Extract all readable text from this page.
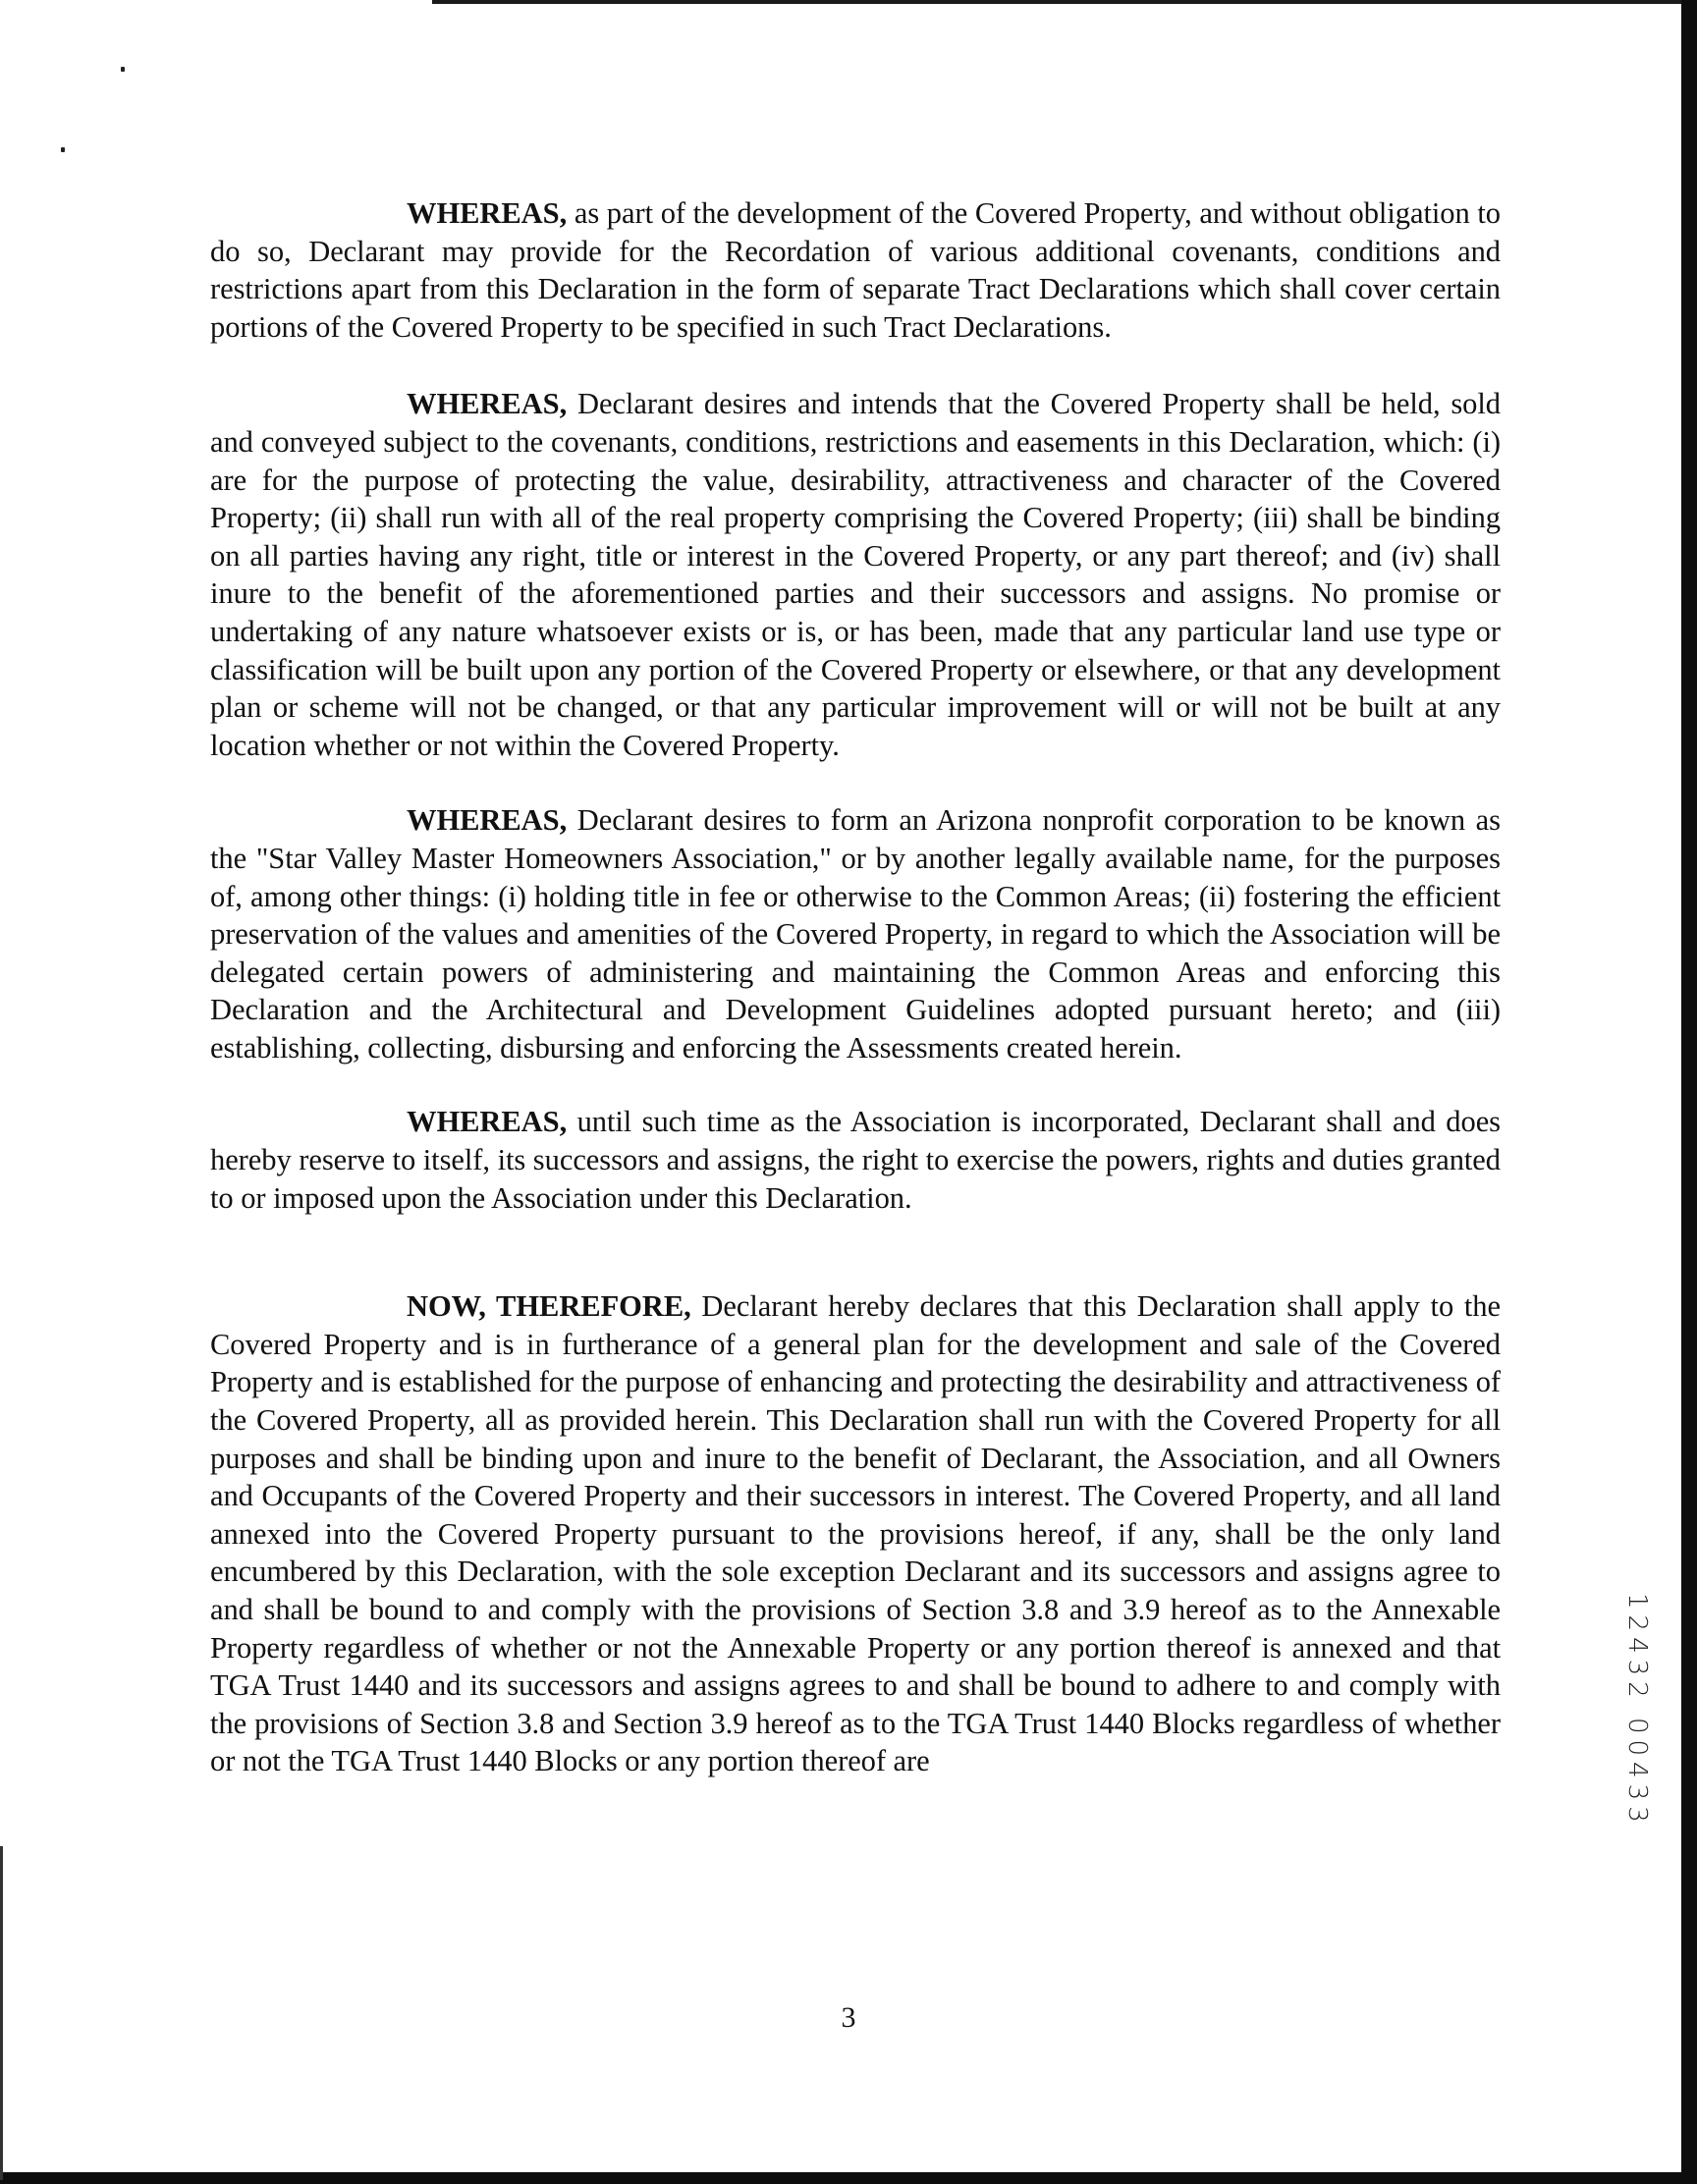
WHEREAS, as part of the development of the Covered Property, and without obligation to do so, Declarant may provide for the Recordation of various additional covenants, conditions and restrictions apart from this Declaration in the form of separate Tract Declarations which shall cover certain portions of the Covered Property to be specified in such Tract Declarations.

WHEREAS, Declarant desires and intends that the Covered Property shall be held, sold and conveyed subject to the covenants, conditions, restrictions and easements in this Declaration, which: (i) are for the purpose of protecting the value, desirability, attractiveness and character of the Covered Property; (ii) shall run with all of the real property comprising the Covered Property; (iii) shall be binding on all parties having any right, title or interest in the Covered Property, or any part thereof; and (iv) shall inure to the benefit of the aforementioned parties and their successors and assigns. No promise or undertaking of any nature whatsoever exists or is, or has been, made that any particular land use type or classification will be built upon any portion of the Covered Property or elsewhere, or that any development plan or scheme will not be changed, or that any particular improvement will or will not be built at any location whether or not within the Covered Property.

WHEREAS, Declarant desires to form an Arizona nonprofit corporation to be known as the "Star Valley Master Homeowners Association," or by another legally available name, for the purposes of, among other things: (i) holding title in fee or otherwise to the Common Areas; (ii) fostering the efficient preservation of the values and amenities of the Covered Property, in regard to which the Association will be delegated certain powers of administering and maintaining the Common Areas and enforcing this Declaration and the Architectural and Development Guidelines adopted pursuant hereto; and (iii) establishing, collecting, disbursing and enforcing the Assessments created herein.

WHEREAS, until such time as the Association is incorporated, Declarant shall and does hereby reserve to itself, its successors and assigns, the right to exercise the powers, rights and duties granted to or imposed upon the Association under this Declaration.

NOW, THEREFORE, Declarant hereby declares that this Declaration shall apply to the Covered Property and is in furtherance of a general plan for the development and sale of the Covered Property and is established for the purpose of enhancing and protecting the desirability and attractiveness of the Covered Property, all as provided herein. This Declaration shall run with the Covered Property for all purposes and shall be binding upon and inure to the benefit of Declarant, the Association, and all Owners and Occupants of the Covered Property and their successors in interest. The Covered Property, and all land annexed into the Covered Property pursuant to the provisions hereof, if any, shall be the only land encumbered by this Declaration, with the sole exception Declarant and its successors and assigns agree to and shall be bound to and comply with the provisions of Section 3.8 and 3.9 hereof as to the Annexable Property regardless of whether or not the Annexable Property or any portion thereof is annexed and that TGA Trust 1440 and its successors and assigns agrees to and shall be bound to adhere to and comply with the provisions of Section 3.8 and Section 3.9 hereof as to the TGA Trust 1440 Blocks regardless of whether or not the TGA Trust 1440 Blocks or any portion thereof are

3
12432 00433
